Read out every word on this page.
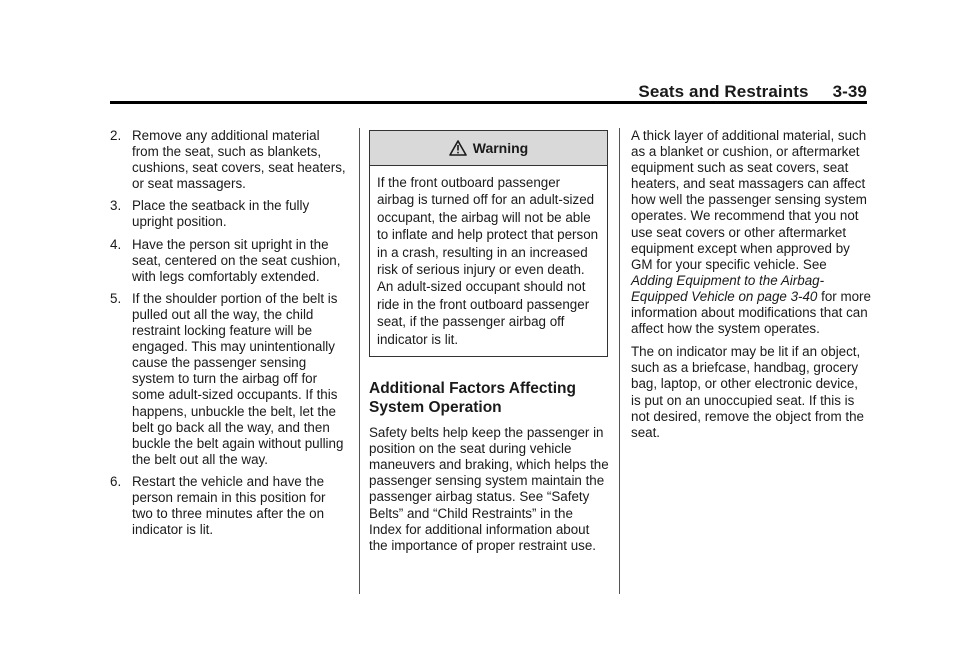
Seats and Restraints 3-39
2. Remove any additional material from the seat, such as blankets, cushions, seat covers, seat heaters, or seat massagers.
3. Place the seatback in the fully upright position.
4. Have the person sit upright in the seat, centered on the seat cushion, with legs comfortably extended.
5. If the shoulder portion of the belt is pulled out all the way, the child restraint locking feature will be engaged. This may unintentionally cause the passenger sensing system to turn the airbag off for some adult-sized occupants. If this happens, unbuckle the belt, let the belt go back all the way, and then buckle the belt again without pulling the belt out all the way.
6. Restart the vehicle and have the person remain in this position for two to three minutes after the on indicator is lit.
Warning
If the front outboard passenger airbag is turned off for an adult-sized occupant, the airbag will not be able to inflate and help protect that person in a crash, resulting in an increased risk of serious injury or even death. An adult-sized occupant should not ride in the front outboard passenger seat, if the passenger airbag off indicator is lit.
Additional Factors Affecting System Operation

Safety belts help keep the passenger in position on the seat during vehicle maneuvers and braking, which helps the passenger sensing system maintain the passenger airbag status. See “Safety Belts” and “Child Restraints” in the Index for additional information about the importance of proper restraint use.

A thick layer of additional material, such as a blanket or cushion, or aftermarket equipment such as seat covers, seat heaters, and seat massagers can affect how well the passenger sensing system operates. We recommend that you not use seat covers or other aftermarket equipment except when approved by GM for your specific vehicle. See Adding Equipment to the Airbag-Equipped Vehicle on page 3-40 for more information about modifications that can affect how the system operates.

The on indicator may be lit if an object, such as a briefcase, handbag, grocery bag, laptop, or other electronic device, is put on an unoccupied seat. If this is not desired, remove the object from the seat.
